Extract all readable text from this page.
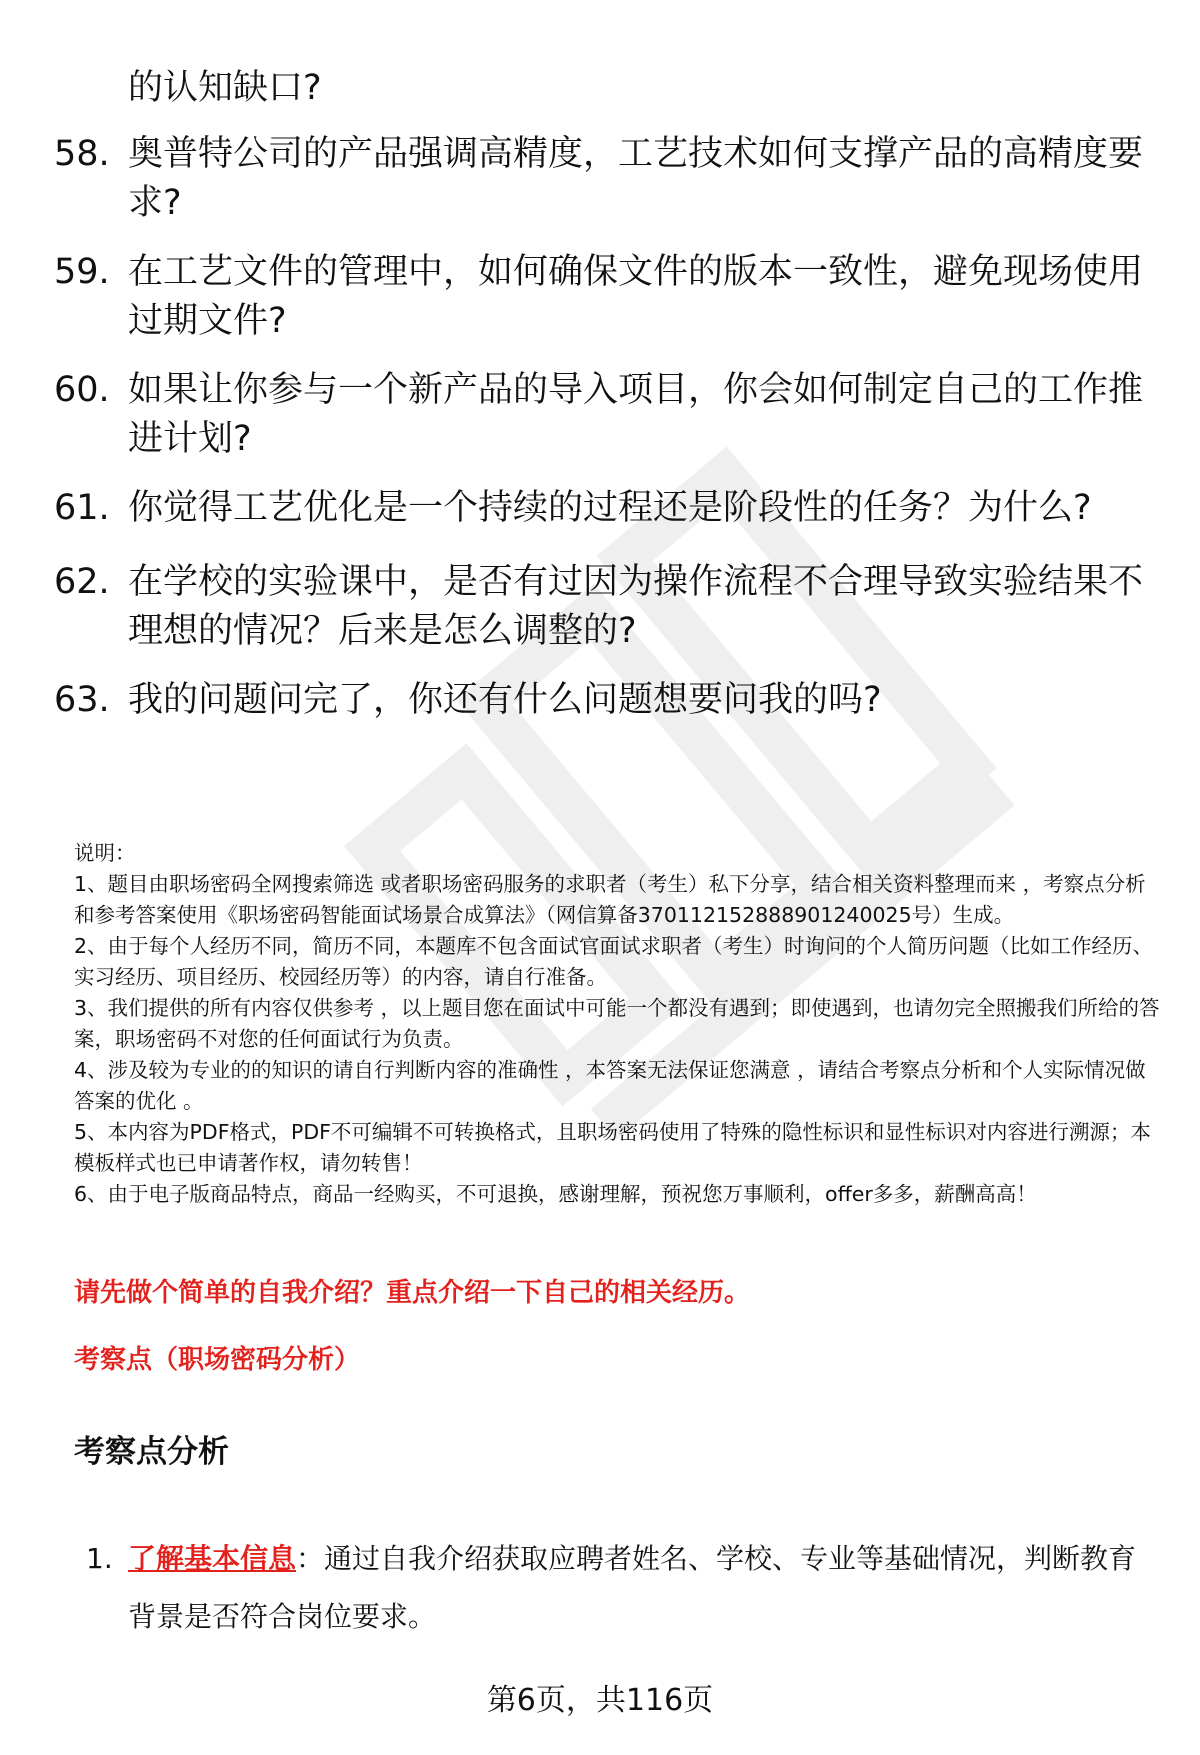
的认知缺口?
58. 奥普特公司的产品强调高精度，工艺技术如何支撑产品的高精度要求?
59. 在工艺文件的管理中，如何确保文件的版本一致性，避免现场使用过期文件?
60. 如果让你参与一个新产品的导入项目，你会如何制定自己的工作推进计划?
61. 你觉得工艺优化是一个持续的过程还是阶段性的任务？为什么?
62. 在学校的实验课中，是否有过因为操作流程不合理导致实验结果不理想的情况？后来是怎么调整的?
63. 我的问题问完了，你还有什么问题想要问我的吗?
说明：
1、题目由职场密码全网搜索筛选 或者职场密码服务的求职者（考生）私下分享，结合相关资料整理而来 ，考察点分析和参考答案使用《职场密码智能面试场景合成算法》（网信算备370112152888901240025号）生成。
2、由于每个人经历不同，简历不同，本题库不包含面试官面试求职者（考生）时询问的个人简历问题（比如工作经历、实习经历、项目经历、校园经历等）的内容，请自行准备。
3、我们提供的所有内容仅供参考 ，以上题目您在面试中可能一个都没有遇到；即使遇到，也请勿完全照搬我们所给的答案，职场密码不对您的任何面试行为负责。
4、涉及较为专业的的知识的请自行判断内容的准确性 ，本答案无法保证您满意 ，请结合考察点分析和个人实际情况做答案的优化 。
5、本内容为PDF格式，PDF不可编辑不可转换格式，且职场密码使用了特殊的隐性标识和显性标识对内容进行溯源；本模板样式也已申请著作权，请勿转售！
6、由于电子版商品特点，商品一经购买，不可退换，感谢理解，预祝您万事顺利，offer多多，薪酬高高！
请先做个简单的自我介绍？重点介绍一下自己的相关经历。
考察点（职场密码分析）
考察点分析
1. 了解基本信息：通过自我介绍获取应聘者姓名、学校、专业等基础情况，判断教育背景是否符合岗位要求。
第6页，共116页
